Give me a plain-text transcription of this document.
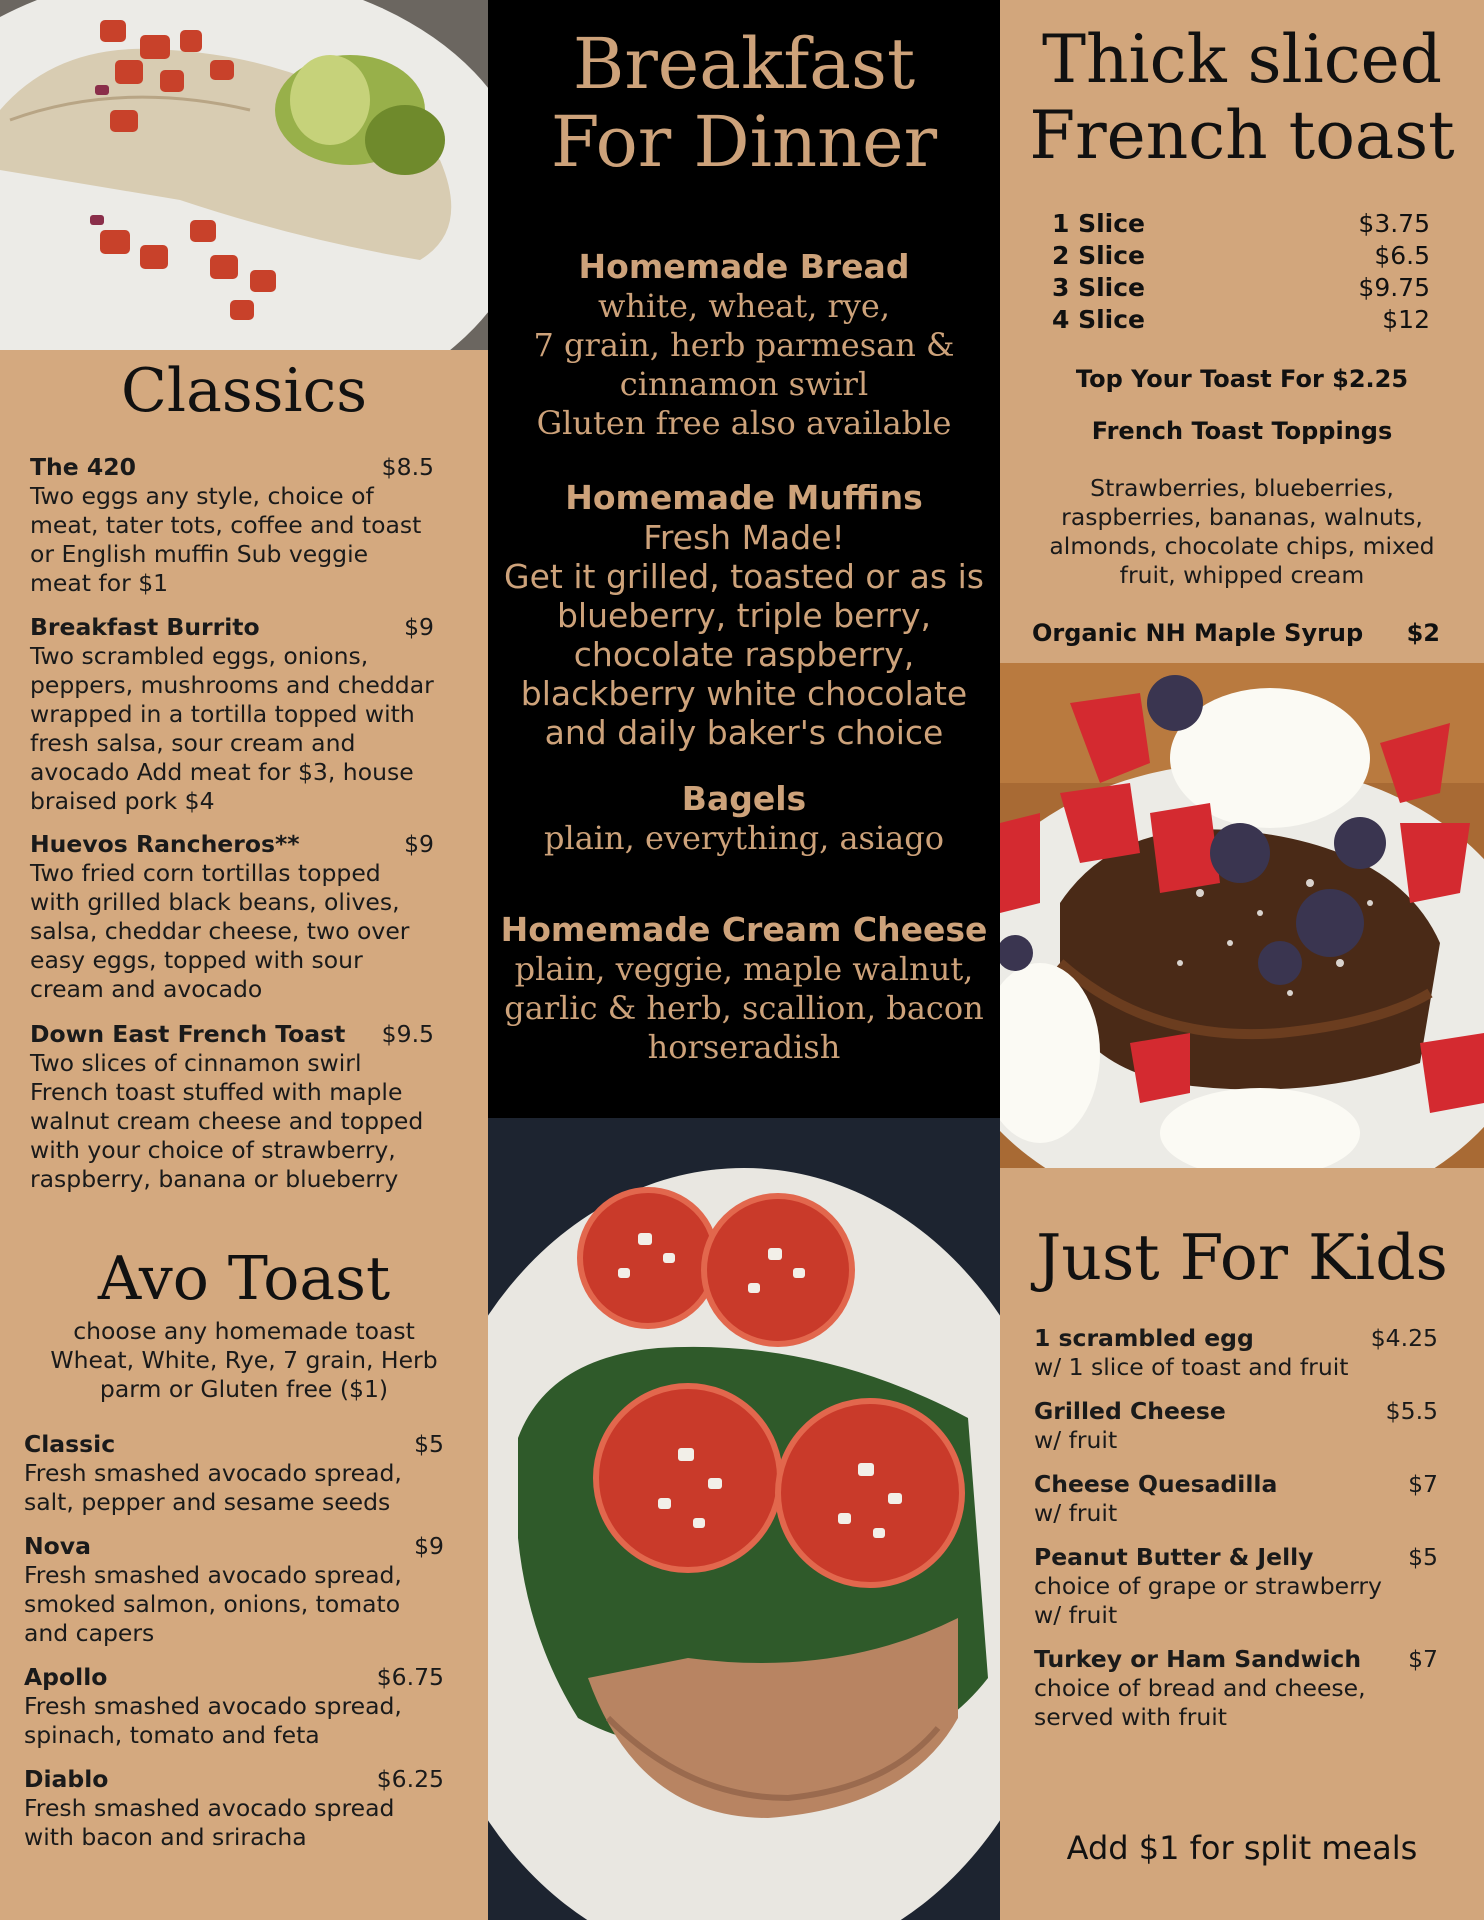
Classics
The 420	$8.5
Two eggs any style, choice of meat, tater tots, coffee and toast or English muffin Sub veggie meat for $1
Breakfast Burrito	$9
Two scrambled eggs, onions, peppers, mushrooms and cheddar wrapped in a tortilla topped with fresh salsa, sour cream and avocado Add meat for $3, house braised pork $4
Huevos Rancheros**	$9
Two fried corn tortillas topped with grilled black beans, olives, salsa, cheddar cheese, two over easy eggs, topped with sour cream and avocado
Down East French Toast $9.5
Two slices of cinnamon swirl French toast stuffed with maple walnut cream cheese and topped with your choice of strawberry, raspberry, banana or blueberry
Avo Toast
choose any homemade toast
Wheat, White, Rye, 7 grain, Herb
parm or Gluten free ($1)
Classic	$5
Fresh smashed avocado spread, salt, pepper and sesame seeds
Nova	$9
Fresh smashed avocado spread, smoked salmon, onions, tomato and capers
Apollo	$6.75
Fresh smashed avocado spread, spinach, tomato and feta
Diablo	$6.25
Fresh smashed avocado spread with bacon and sriracha
Breakfast
For Dinner
Homemade Bread
white, wheat, rye,
7 grain, herb parmesan &
cinnamon swirl
Gluten free also available
Homemade Muffins
Fresh Made!
Get it grilled, toasted or as is
blueberry, triple berry,
chocolate raspberry,
blackberry white chocolate
and daily baker's choice
Bagels
plain, everything, asiago
Homemade Cream Cheese
plain, veggie, maple walnut,
garlic & herb, scallion, bacon
horseradish
Thick sliced
French toast
1 Slice	$3.75
2 Slice	$6.5
3 Slice	$9.75
4 Slice	$12
Top Your Toast For $2.25
French Toast Toppings
Strawberries, blueberries,
raspberries, bananas, walnuts,
almonds, chocolate chips, mixed
fruit, whipped cream
Organic NH Maple Syrup $2
Just For Kids
1 scrambled egg	$4.25
w/ 1 slice of toast and fruit
Grilled Cheese	$5.5
w/ fruit
Cheese Quesadilla	$7
w/ fruit
Peanut Butter & Jelly	$5
choice of grape or strawberry
w/ fruit
Turkey or Ham Sandwich $7
choice of bread and cheese,
served with fruit
Add $1 for split meals
